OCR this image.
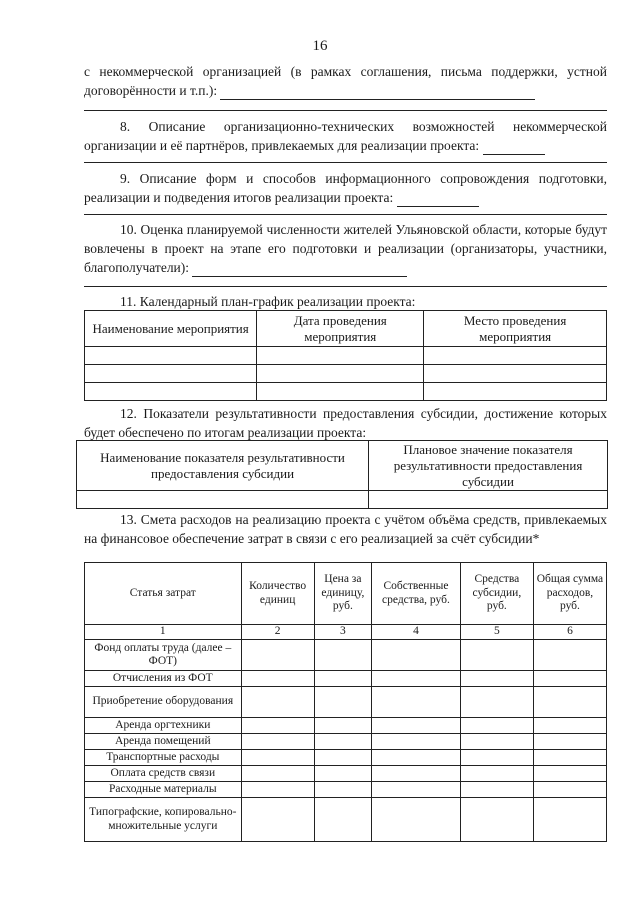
16

с некоммерческой организацией (в рамках соглашения, письма поддержки, устной договорённости и т.п.):

8. Описание организационно-технических возможностей некоммерческой организации и её партнёров, привлекаемых для реализации проекта:

9. Описание форм и способов информационного сопровождения подготовки, реализации и подведения итогов реализации проекта:

10. Оценка планируемой численности жителей Ульяновской области, которые будут вовлечены в проект на этапе его подготовки и реализации (организаторы, участники, благополучатели):

11. Календарный план-график реализации проекта:

Наименование мероприятия	Дата проведения мероприятия	Место проведения мероприятия

12. Показатели результативности предоставления субсидии, достижение которых будет обеспечено по итогам реализации проекта:

Наименование показателя результативности предоставления субсидии	Плановое значение показателя результативности предоставления субсидии

13. Смета расходов на реализацию проекта с учётом объёма средств, привлекаемых на финансовое обеспечение затрат в связи с его реализацией за счёт субсидии*

Статья затрат	Количество единиц	Цена за единицу, руб.	Собственные средства, руб.	Средства субсидии, руб.	Общая сумма расходов, руб.
1	2	3	4	5	6
Фонд оплаты труда (далее – ФОТ)					
Отчисления из ФОТ					
Приобретение оборудования					
Аренда оргтехники					
Аренда помещений					
Транспортные расходы					
Оплата средств связи					
Расходные материалы					
Типографские, копировально-множительные услуги					
